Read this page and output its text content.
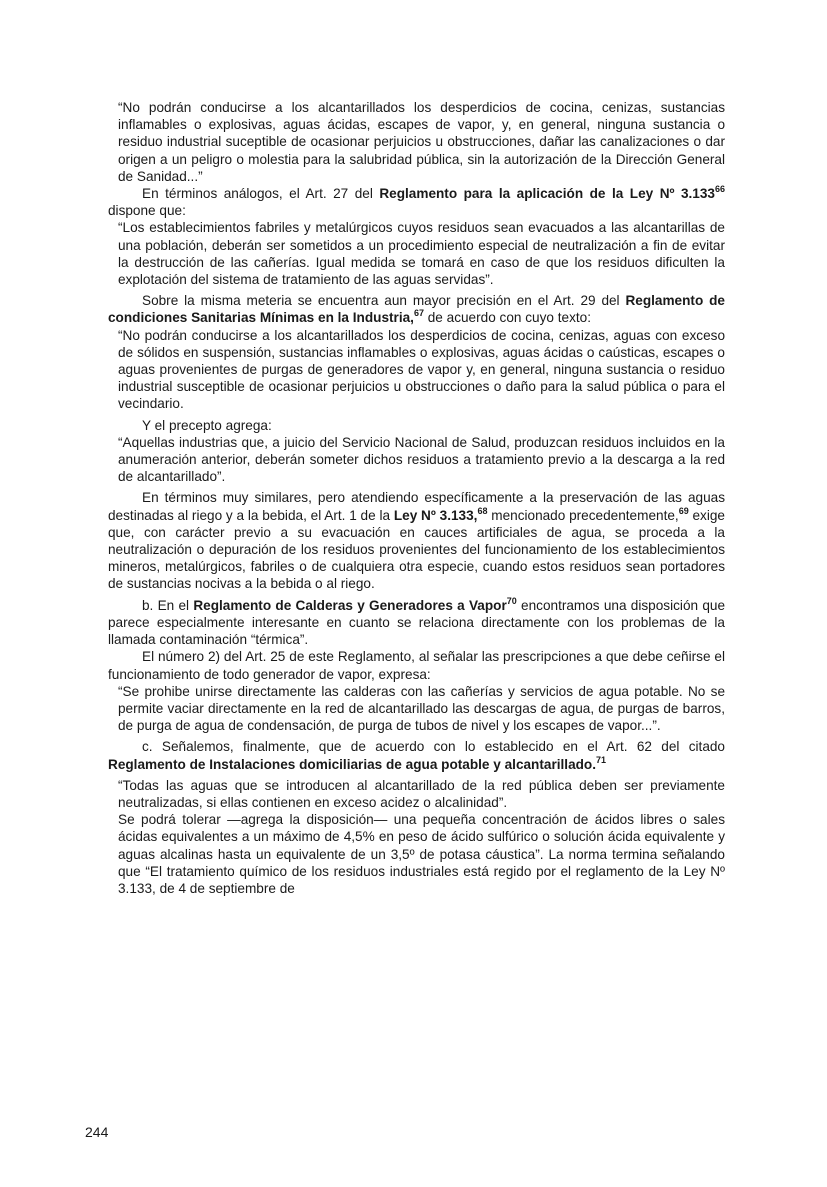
“No podrán conducirse a los alcantarillados los desperdicios de cocina, cenizas, sustancias inflamables o explosivas, aguas ácidas, escapes de vapor, y, en general, ninguna sustancia o residuo industrial suceptible de ocasionar perjuicios u obstrucciones, dañar las canalizaciones o dar origen a un peligro o molestia para la salubridad pública, sin la autorización de la Dirección General de Sanidad...”

En términos análogos, el Art. 27 del Reglamento para la aplicación de la Ley Nº 3.133$^{66}$ dispone que:

“Los establecimientos fabriles y metalúrgicos cuyos residuos sean evacuados a las alcantarillas de una población, deberán ser sometidos a un procedimiento especial de neutralización a fin de evitar la destrucción de las cañerías. Igual medida se tomará en caso de que los residuos dificulten la explotación del sistema de tratamiento de las aguas servidas”.

Sobre la misma meteria se encuentra aun mayor precisión en el Art. 29 del Reglamento de condiciones Sanitarias Mínimas en la Industria,$^{67}$ de acuerdo con cuyo texto:

“No podrán conducirse a los alcantarillados los desperdicios de cocina, cenizas, aguas con exceso de sólidos en suspensión, sustancias inflamables o explosivas, aguas ácidas o caústicas, escapes o aguas provenientes de purgas de generadores de vapor y, en general, ninguna sustancia o residuo industrial susceptible de ocasionar perjuicios u obstrucciones o daño para la salud pública o para el vecindario.

Y el precepto agrega:

“Aquellas industrias que, a juicio del Servicio Nacional de Salud, produzcan residuos incluidos en la anumeración anterior, deberán someter dichos residuos a tratamiento previo a la descarga a la red de alcantarillado”.

En términos muy similares, pero atendiendo específicamente a la preservación de las aguas destinadas al riego y a la bebida, el Art. 1 de la Ley Nº 3.133,68 mencionado precedentemente,$^{69}$ exige que, con carácter previo a su evacuación en cauces artificiales de agua, se proceda a la neutralización o depuración de los residuos provenientes del funcionamiento de los establecimientos mineros, metalúrgicos, fabriles o de cualquiera otra especie, cuando estos residuos sean portadores de sustancias nocivas a la bebida o al riego.

b. En el Reglamento de Calderas y Generadores a Vapor$^{70}$ encontramos una disposición que parece especialmente interesante en cuanto se relaciona directamente con los problemas de la llamada contaminación “térmica”.

El número 2) del Art. 25 de este Reglamento, al señalar las prescripciones a que debe ceñirse el funcionamiento de todo generador de vapor, expresa:

“Se prohibe unirse directamente las calderas con las cañerías y servicios de agua potable. No se permite vaciar directamente en la red de alcantarillado las descargas de agua, de purgas de barros, de purga de agua de condensación, de purga de tubos de nivel y los escapes de vapor...”.

c. Señalemos, finalmente, que de acuerdo con lo establecido en el Art. 62 del citado Reglamento de Instalaciones domiciliarias de agua potable y alcantarillado.$^{71}$

“Todas las aguas que se introducen al alcantarillado de la red pública deben ser previamente neutralizadas, si ellas contienen en exceso acidez o alcalinidad”.

Se podrá tolerar —agrega la disposición— una pequeña concentración de ácidos libres o sales ácidas equivalentes a un máximo de 4,5% en peso de ácido sulfúrico o solución ácida equivalente y aguas alcalinas hasta un equivalente de un 3,5º de potasa cáustica”. La norma termina señalando que “El tratamiento químico de los residuos industriales está regido por el reglamento de la Ley Nº 3.133, de 4 de septiembre de

244
